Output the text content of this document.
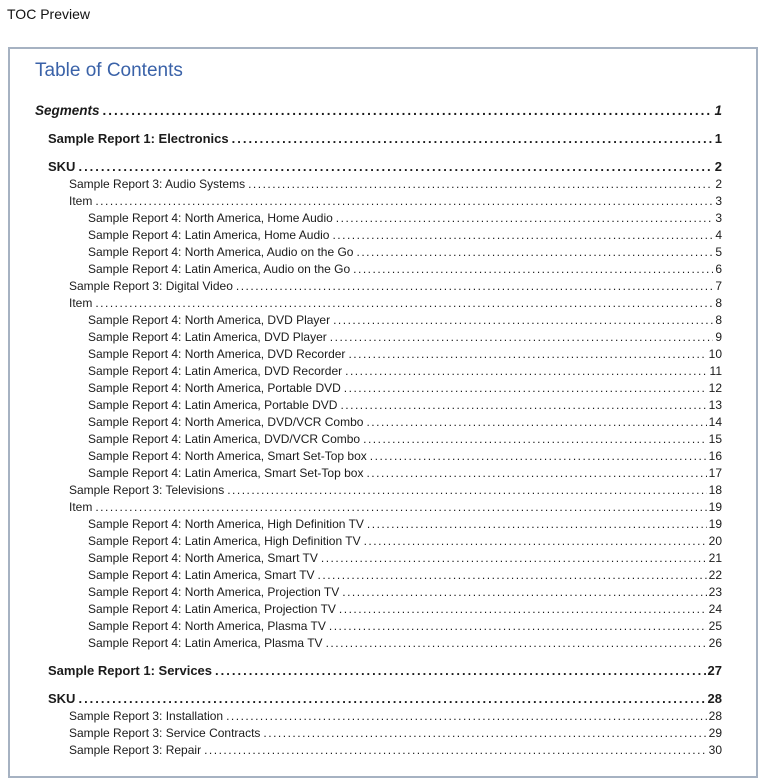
TOC Preview
Table of Contents
Segments .....	1
Sample Report 1: Electronics .....	1
SKU .....	2
Sample Report 3: Audio Systems .....	2
Item .....	3
Sample Report 4: North America, Home Audio .....	3
Sample Report 4: Latin America, Home Audio .....	4
Sample Report 4: North America, Audio on the Go .....	5
Sample Report 4: Latin America, Audio on the Go .....	6
Sample Report 3: Digital Video .....	7
Item .....	8
Sample Report 4: North America, DVD Player .....	8
Sample Report 4: Latin America, DVD Player .....	9
Sample Report 4: North America, DVD Recorder .....	10
Sample Report 4: Latin America, DVD Recorder .....	11
Sample Report 4: North America, Portable DVD .....	12
Sample Report 4: Latin America, Portable DVD .....	13
Sample Report 4: North America, DVD/VCR Combo .....	14
Sample Report 4: Latin America, DVD/VCR Combo .....	15
Sample Report 4: North America, Smart Set-Top box .....	16
Sample Report 4: Latin America, Smart Set-Top box .....	17
Sample Report 3: Televisions .....	18
Item .....	19
Sample Report 4: North America, High Definition TV .....	19
Sample Report 4: Latin America, High Definition TV .....	20
Sample Report 4: North America, Smart TV .....	21
Sample Report 4: Latin America, Smart TV .....	22
Sample Report 4: North America, Projection TV .....	23
Sample Report 4: Latin America, Projection TV .....	24
Sample Report 4: North America, Plasma TV .....	25
Sample Report 4: Latin America, Plasma TV .....	26
Sample Report 1: Services .....	27
SKU .....	28
Sample Report 3: Installation .....	28
Sample Report 3: Service Contracts .....	29
Sample Report 3: Repair .....	30
